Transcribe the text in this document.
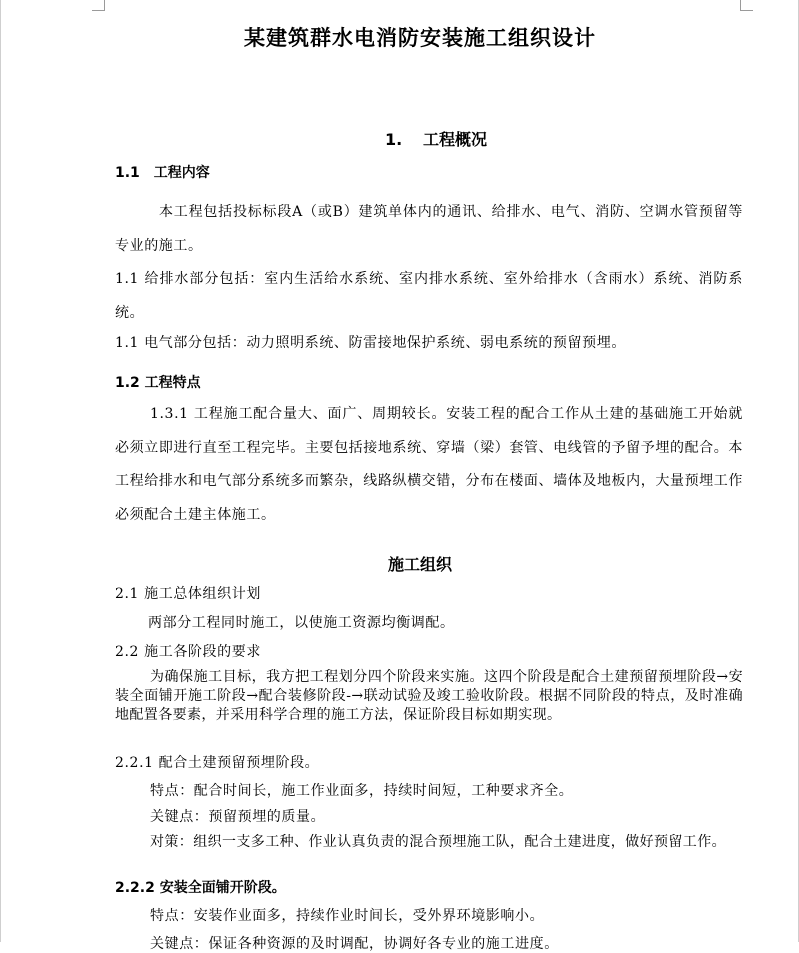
某建筑群水电消防安装施工组织设计
1. 工程概况
1.1　工程内容
本工程包括投标标段A（或B）建筑单体内的通讯、给排水、电气、消防、空调水管预留等专业的施工。
1.1 给排水部分包括：室内生活给水系统、室内排水系统、室外给排水（含雨水）系统、消防系统。
1.1 电气部分包括：动力照明系统、防雷接地保护系统、弱电系统的预留预埋。
1.2 工程特点
1.3.1 工程施工配合量大、面广、周期较长。安装工程的配合工作从土建的基础施工开始就必须立即进行直至工程完毕。主要包括接地系统、穿墙（梁）套管、电线管的予留予埋的配合。本工程给排水和电气部分系统多而繁杂，线路纵横交错，分布在楼面、墙体及地板内，大量预埋工作必须配合土建主体施工。
施工组织
2.1 施工总体组织计划
两部分工程同时施工，以使施工资源均衡调配。
2.2 施工各阶段的要求
为确保施工目标，我方把工程划分四个阶段来实施。这四个阶段是配合土建预留预埋阶段→安装全面铺开施工阶段→配合装修阶段-→联动试验及竣工验收阶段。根据不同阶段的特点，及时准确地配置各要素，并采用科学合理的施工方法，保证阶段目标如期实现。
2.2.1 配合土建预留预埋阶段。
特点：配合时间长，施工作业面多，持续时间短，工种要求齐全。
关键点：预留预埋的质量。
对策：组织一支多工种、作业认真负责的混合预埋施工队，配合土建进度，做好预留工作。
2.2.2 安装全面铺开阶段。
特点：安装作业面多，持续作业时间长，受外界环境影响小。
关键点：保证各种资源的及时调配，协调好各专业的施工进度。
